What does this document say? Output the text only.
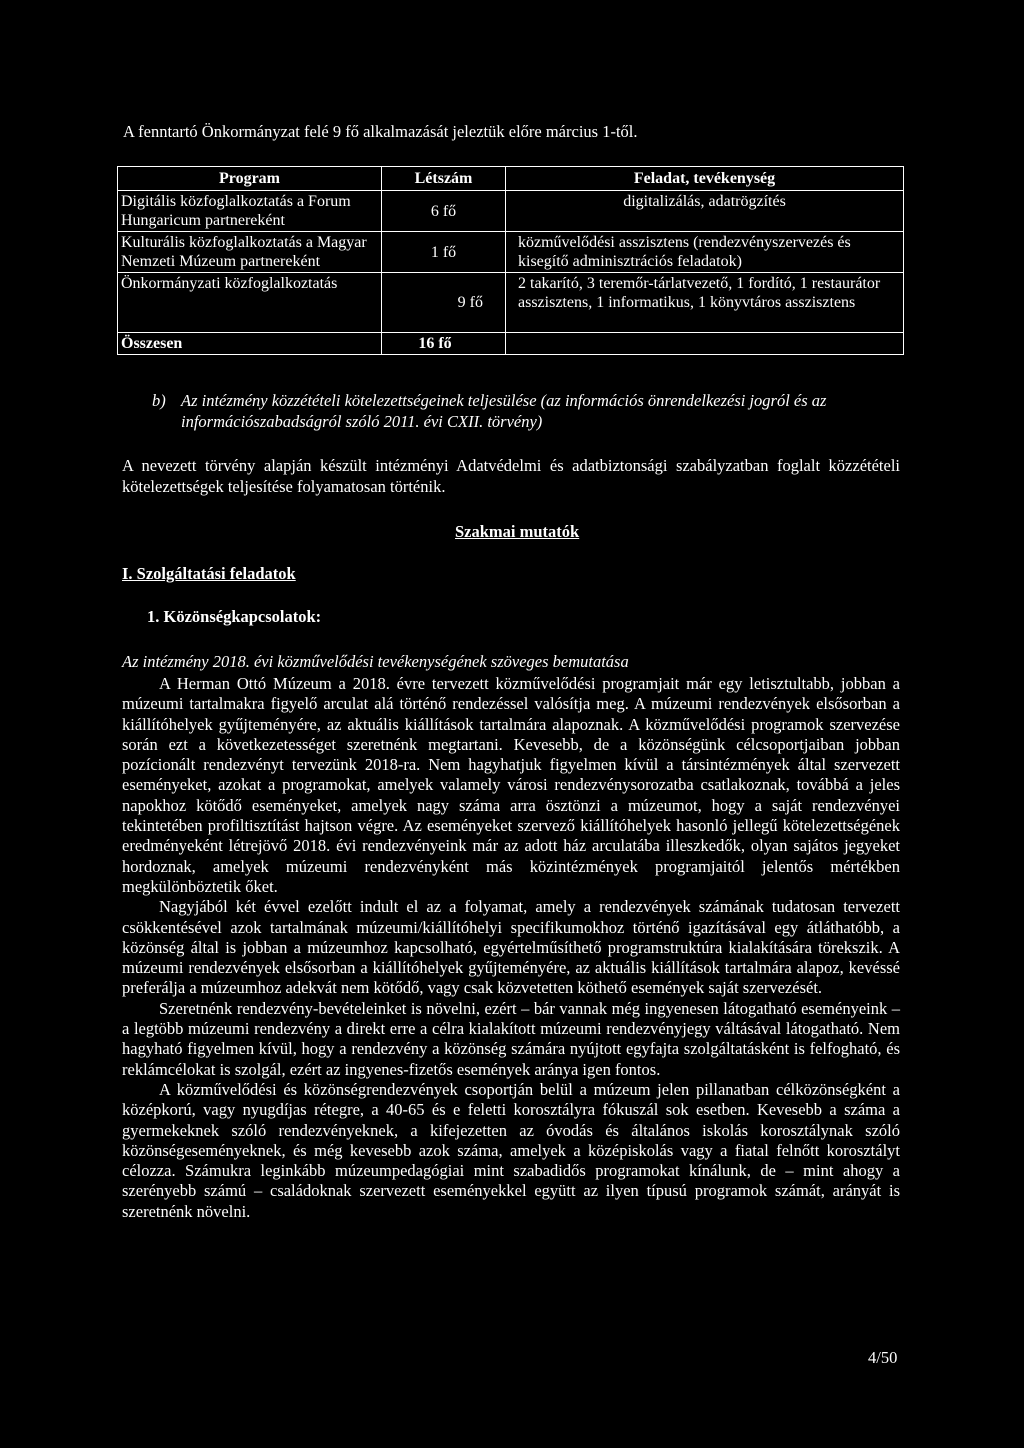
A fenntartó Önkormányzat felé 9 fő alkalmazását jeleztük előre március 1-től.
Program	Létszám	Feladat, tevékenység
Digitális közfoglalkoztatás a Forum Hungaricum partnereként	6 fő	digitalizálás, adatrögzítés
Kulturális közfoglalkoztatás a Magyar Nemzeti Múzeum partnereként	1 fő	közművelődési asszisztens (rendezvényszervezés és kisegítő adminisztrációs feladatok)
Önkormányzati közfoglalkoztatás	9 fő	2 takarító, 3 teremőr-tárlatvezető, 1 fordító, 1 restaurátor asszisztens, 1 informatikus, 1 könyvtáros asszisztens
Összesen	16 fő	
b) Az intézmény közzétételi kötelezettségeinek teljesülése (az információs önrendelkezési jogról és az információszabadságról szóló 2011. évi CXII. törvény)
A nevezett törvény alapján készült intézményi Adatvédelmi és adatbiztonsági szabályzatban foglalt közzétételi kötelezettségek teljesítése folyamatosan történik.
Szakmai mutatók
I. Szolgáltatási feladatok
1. Közönségkapcsolatok:
Az intézmény 2018. évi közművelődési tevékenységének szöveges bemutatása

A Herman Ottó Múzeum a 2018. évre tervezett közművelődési programjait már egy letisztultabb, jobban a múzeumi tartalmakra figyelő arculat alá történő rendezéssel valósítja meg. A múzeumi rendezvények elsősorban a kiállítóhelyek gyűjteményére, az aktuális kiállítások tartalmára alapoznak. A közművelődési programok szervezése során ezt a következetességet szeretnénk megtartani. Kevesebb, de a közönségünk célcsoportjaiban jobban pozícionált rendezvényt tervezünk 2018-ra. Nem hagyhatjuk figyelmen kívül a társintézmények által szervezett eseményeket, azokat a programokat, amelyek valamely városi rendezvénysorozatba csatlakoznak, továbbá a jeles napokhoz kötődő eseményeket, amelyek nagy száma arra ösztönzi a múzeumot, hogy a saját rendezvényei tekintetében profiltisztítást hajtson végre. Az eseményeket szervező kiállítóhelyek hasonló jellegű kötelezettségének eredményeként létrejövő 2018. évi rendezvényeink már az adott ház arculatába illeszkedők, olyan sajátos jegyeket hordoznak, amelyek múzeumi rendezvényként más közintézmények programjaitól jelentős mértékben megkülönböztetik őket.

Nagyjából két évvel ezelőtt indult el az a folyamat, amely a rendezvények számának tudatosan tervezett csökkentésével azok tartalmának múzeumi/kiállítóhelyi specifikumokhoz történő igazításával egy átláthatóbb, a közönség által is jobban a múzeumhoz kapcsolható, egyértelműsíthető programstruktúra kialakítására törekszik. A múzeumi rendezvények elsősorban a kiállítóhelyek gyűjteményére, az aktuális kiállítások tartalmára alapoz, kevéssé preferálja a múzeumhoz adekvát nem kötődő, vagy csak közvetetten köthető események saját szervezését.

Szeretnénk rendezvény-bevételeinket is növelni, ezért – bár vannak még ingyenesen látogatható eseményeink – a legtöbb múzeumi rendezvény a direkt erre a célra kialakított múzeumi rendezvényjegy váltásával látogatható. Nem hagyható figyelmen kívül, hogy a rendezvény a közönség számára nyújtott egyfajta szolgáltatásként is felfogható, és reklámcélokat is szolgál, ezért az ingyenes-fizetős események aránya igen fontos.

A közművelődési és közönségrendezvények csoportján belül a múzeum jelen pillanatban célközönségként a középkorú, vagy nyugdíjas rétegre, a 40-65 és e feletti korosztályra fókuszál sok esetben. Kevesebb a száma a gyermekeknek szóló rendezvényeknek, a kifejezetten az óvodás és általános iskolás korosztálynak szóló közönségeseményeknek, és még kevesebb azok száma, amelyek a középiskolás vagy a fiatal felnőtt korosztályt célozza. Számukra leginkább múzeumpedagógiai mint szabadidős programokat kínálunk, de – mint ahogy a szerényebb számú – családoknak szervezett eseményekkel együtt az ilyen típusú programok számát, arányát is szeretnénk növelni.

4/50
